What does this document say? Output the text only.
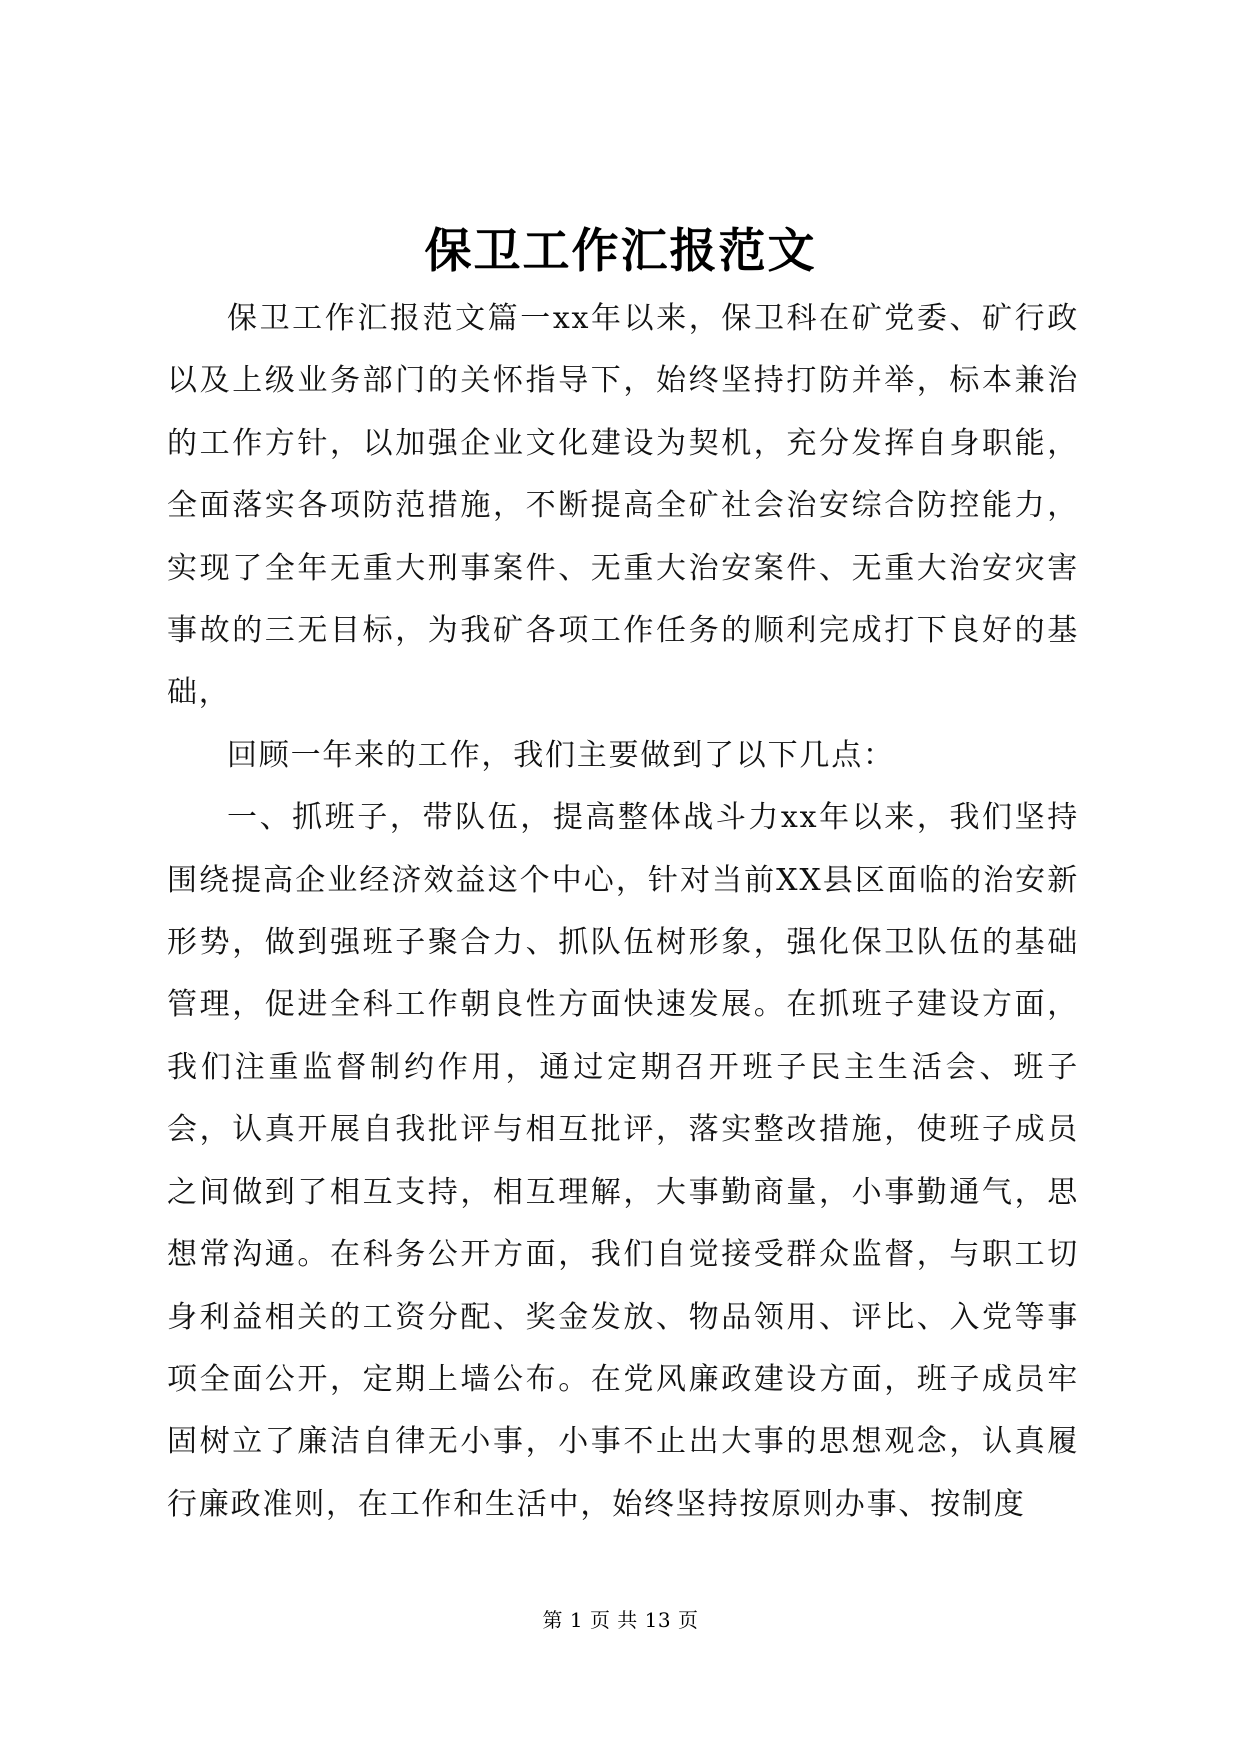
保卫工作汇报范文

保卫工作汇报范文篇一xx年以来，保卫科在矿党委、矿行政以及上级业务部门的关怀指导下，始终坚持打防并举，标本兼治的工作方针，以加强企业文化建设为契机，充分发挥自身职能，全面落实各项防范措施，不断提高全矿社会治安综合防控能力，实现了全年无重大刑事案件、无重大治安案件、无重大治安灾害事故的三无目标，为我矿各项工作任务的顺利完成打下良好的基础，

回顾一年来的工作，我们主要做到了以下几点：

一、抓班子，带队伍，提高整体战斗力xx年以来，我们坚持围绕提高企业经济效益这个中心，针对当前XX县区面临的治安新形势，做到强班子聚合力、抓队伍树形象，强化保卫队伍的基础管理，促进全科工作朝良性方面快速发展。在抓班子建设方面，我们注重监督制约作用，通过定期召开班子民主生活会、班子会，认真开展自我批评与相互批评，落实整改措施，使班子成员之间做到了相互支持，相互理解，大事勤商量，小事勤通气，思想常沟通。在科务公开方面，我们自觉接受群众监督，与职工切身利益相关的工资分配、奖金发放、物品领用、评比、入党等事项全面公开，定期上墙公布。在党风廉政建设方面，班子成员牢固树立了廉洁自律无小事，小事不止出大事的思想观念，认真履行廉政准则，在工作和生活中，始终坚持按原则办事、按制度

第 1 页 共 13 页
